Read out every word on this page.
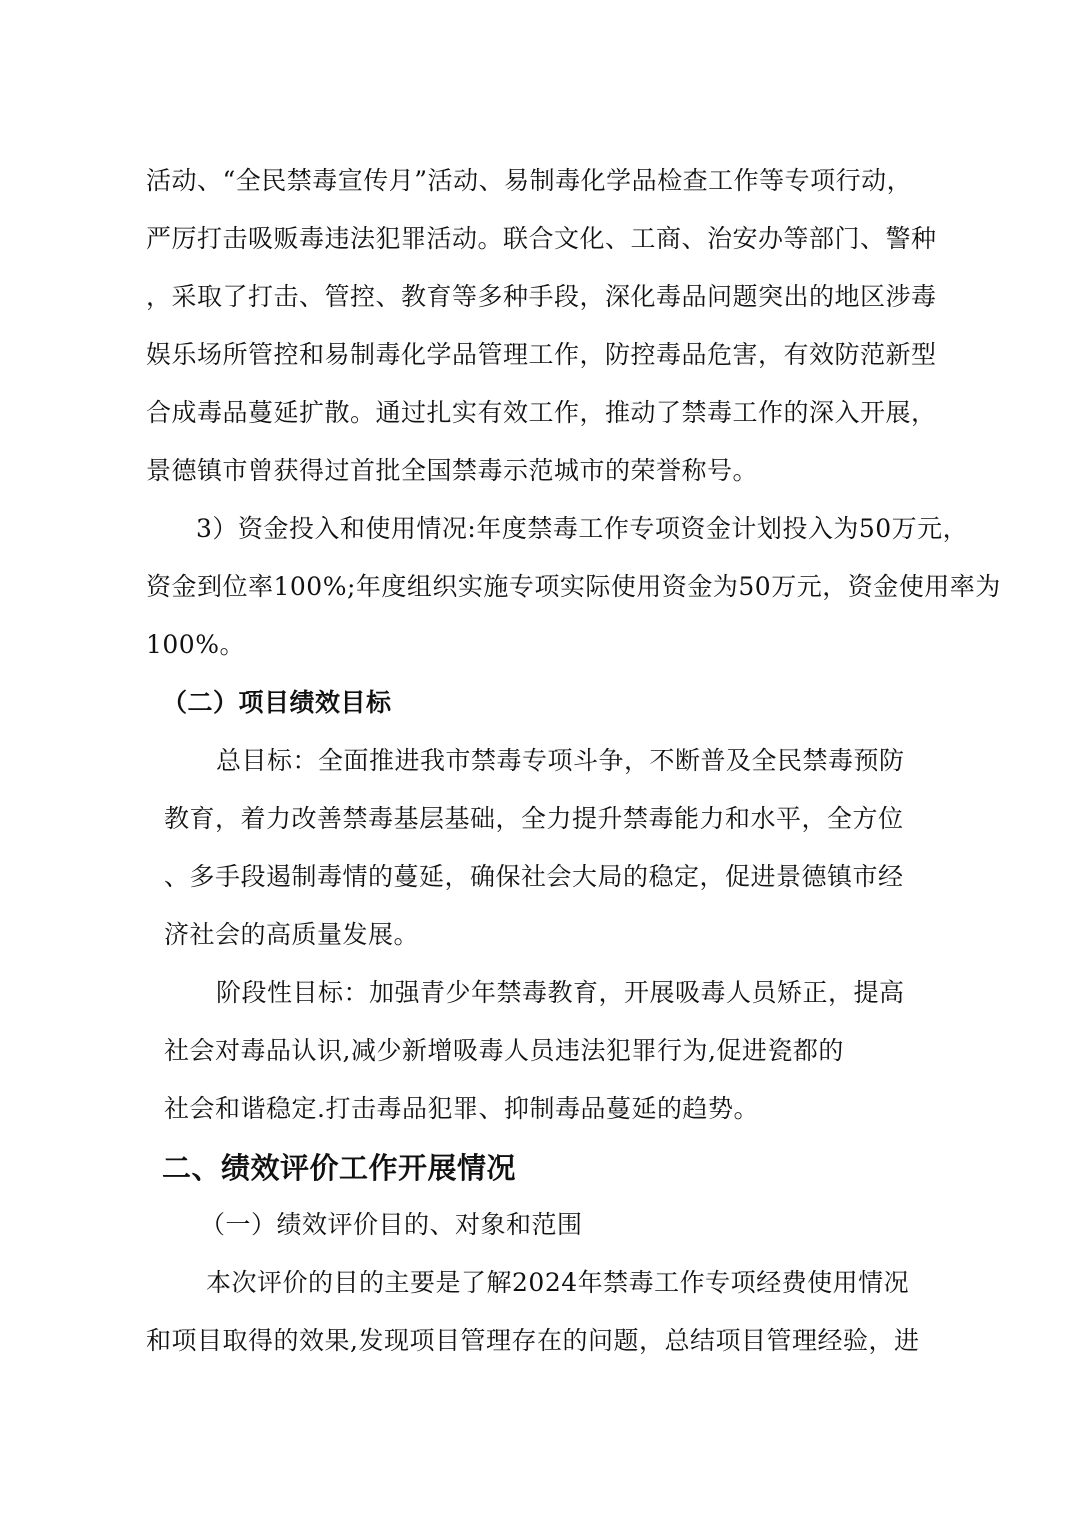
活动、“全民禁毒宣传月”活动、易制毒化学品检查工作等专项行动，
严厉打击吸贩毒违法犯罪活动。联合文化、工商、治安办等部门、警种
，采取了打击、管控、教育等多种手段，深化毒品问题突出的地区涉毒
娱乐场所管控和易制毒化学品管理工作，防控毒品危害，有效防范新型
合成毒品蔓延扩散。通过扎实有效工作，推动了禁毒工作的深入开展，
景德镇市曾获得过首批全国禁毒示范城市的荣誉称号。
3）资金投入和使用情况:年度禁毒工作专项资金计划投入为50万元，
资金到位率100%;年度组织实施专项实际使用资金为50万元，资金使用率为
100%。
（二）项目绩效目标
总目标：全面推进我市禁毒专项斗争，不断普及全民禁毒预防
教育，着力改善禁毒基层基础，全力提升禁毒能力和水平，全方位
、多手段遏制毒情的蔓延，确保社会大局的稳定，促进景德镇市经
济社会的高质量发展。
阶段性目标：加强青少年禁毒教育，开展吸毒人员矫正，提高
社会对毒品认识,减少新增吸毒人员违法犯罪行为,促进瓷都的
社会和谐稳定.打击毒品犯罪、抑制毒品蔓延的趋势。
二、绩效评价工作开展情况
（一）绩效评价目的、对象和范围
本次评价的目的主要是了解2024年禁毒工作专项经费使用情况
和项目取得的效果,发现项目管理存在的问题，总结项目管理经验，进
